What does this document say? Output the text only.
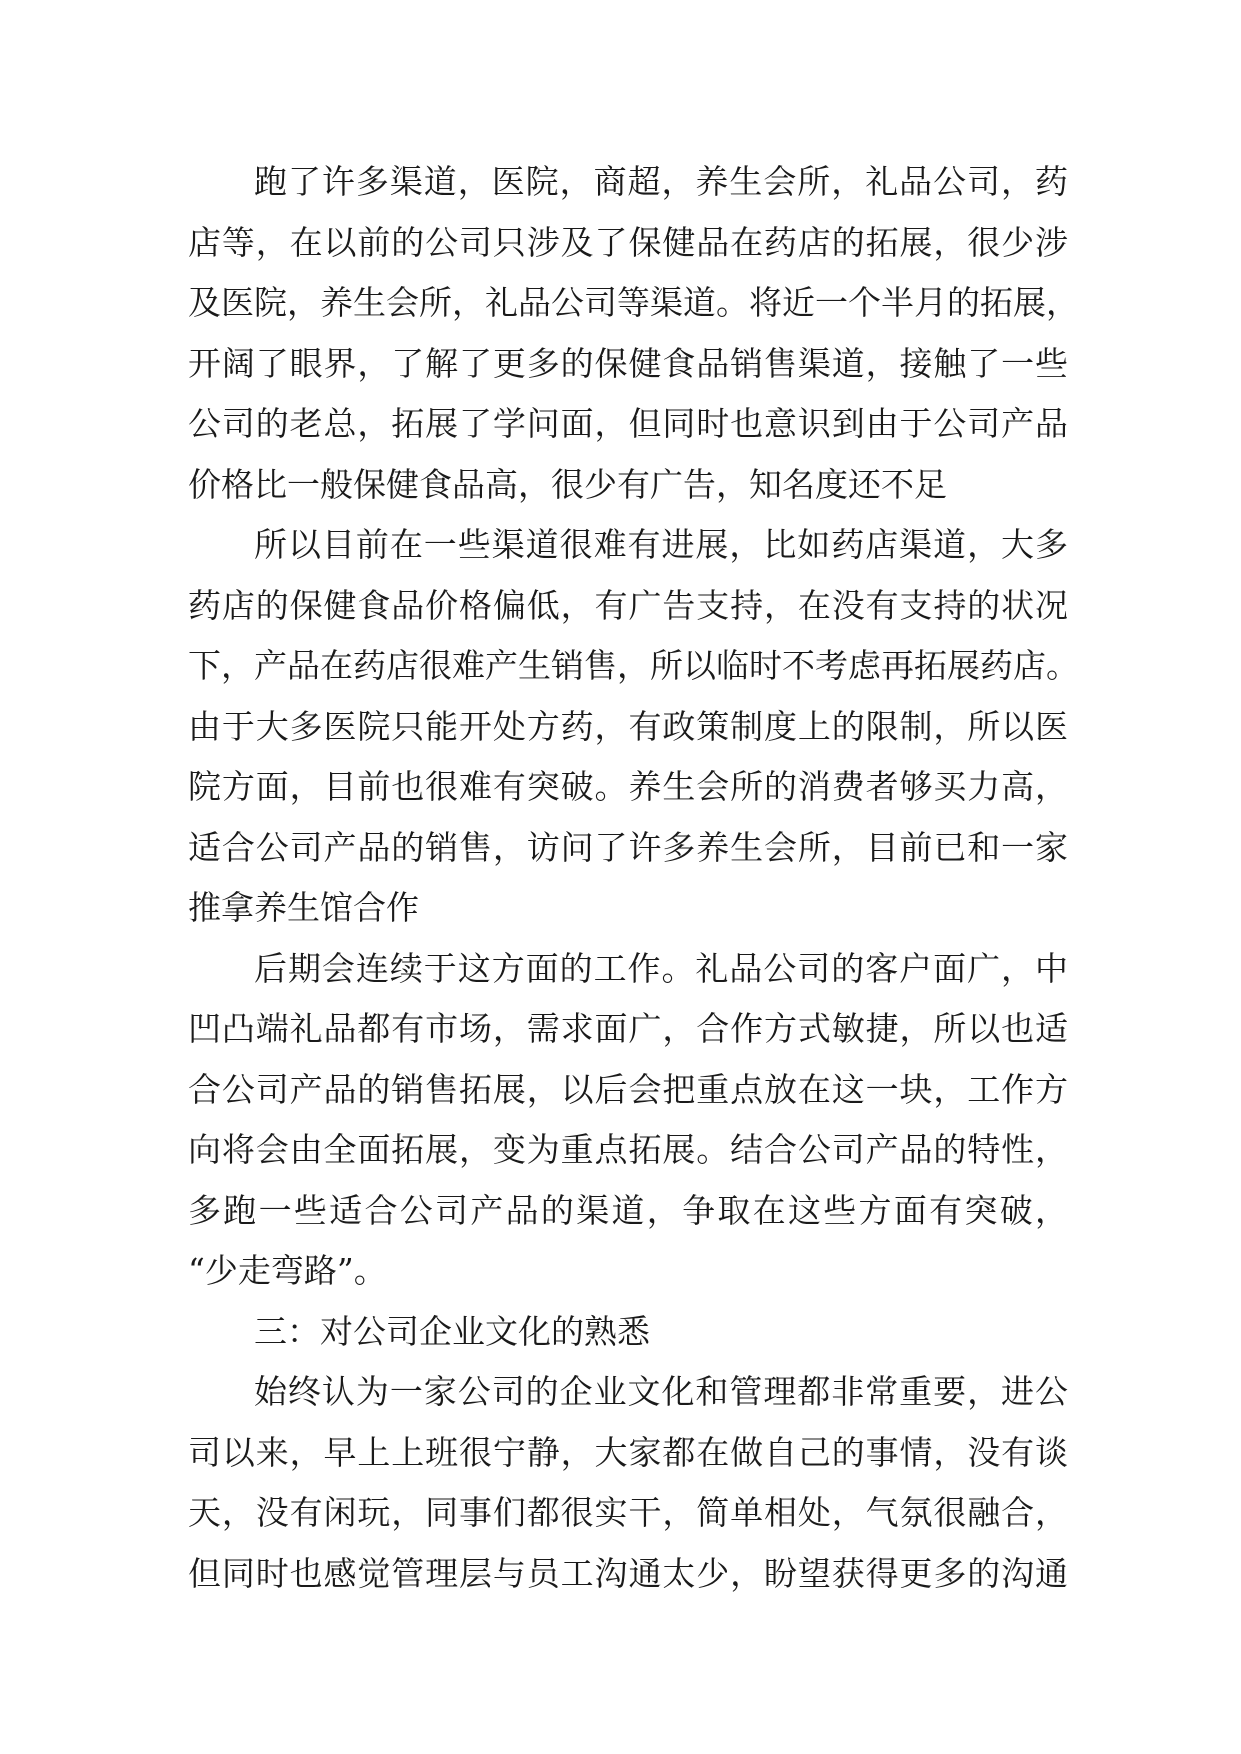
跑了许多渠道，医院，商超，养生会所，礼品公司，药
店等，在以前的公司只涉及了保健品在药店的拓展，很少涉
及医院，养生会所，礼品公司等渠道。将近一个半月的拓展，
开阔了眼界，了解了更多的保健食品销售渠道，接触了一些
公司的老总，拓展了学问面，但同时也意识到由于公司产品
价格比一般保健食品高，很少有广告，知名度还不足
所以目前在一些渠道很难有进展，比如药店渠道，大多
药店的保健食品价格偏低，有广告支持，在没有支持的状况
下，产品在药店很难产生销售，所以临时不考虑再拓展药店。
由于大多医院只能开处方药，有政策制度上的限制，所以医
院方面，目前也很难有突破。养生会所的消费者够买力高，
适合公司产品的销售，访问了许多养生会所，目前已和一家
推拿养生馆合作
后期会连续于这方面的工作。礼品公司的客户面广，中
凹凸端礼品都有市场，需求面广，合作方式敏捷，所以也适
合公司产品的销售拓展，以后会把重点放在这一块，工作方
向将会由全面拓展，变为重点拓展。结合公司产品的特性，
多跑一些适合公司产品的渠道，争取在这些方面有突破，
“少走弯路”。
三：对公司企业文化的熟悉
始终认为一家公司的企业文化和管理都非常重要，进公
司以来，早上上班很宁静，大家都在做自己的事情，没有谈
天，没有闲玩，同事们都很实干，简单相处，气氛很融合，
但同时也感觉管理层与员工沟通太少，盼望获得更多的沟通
